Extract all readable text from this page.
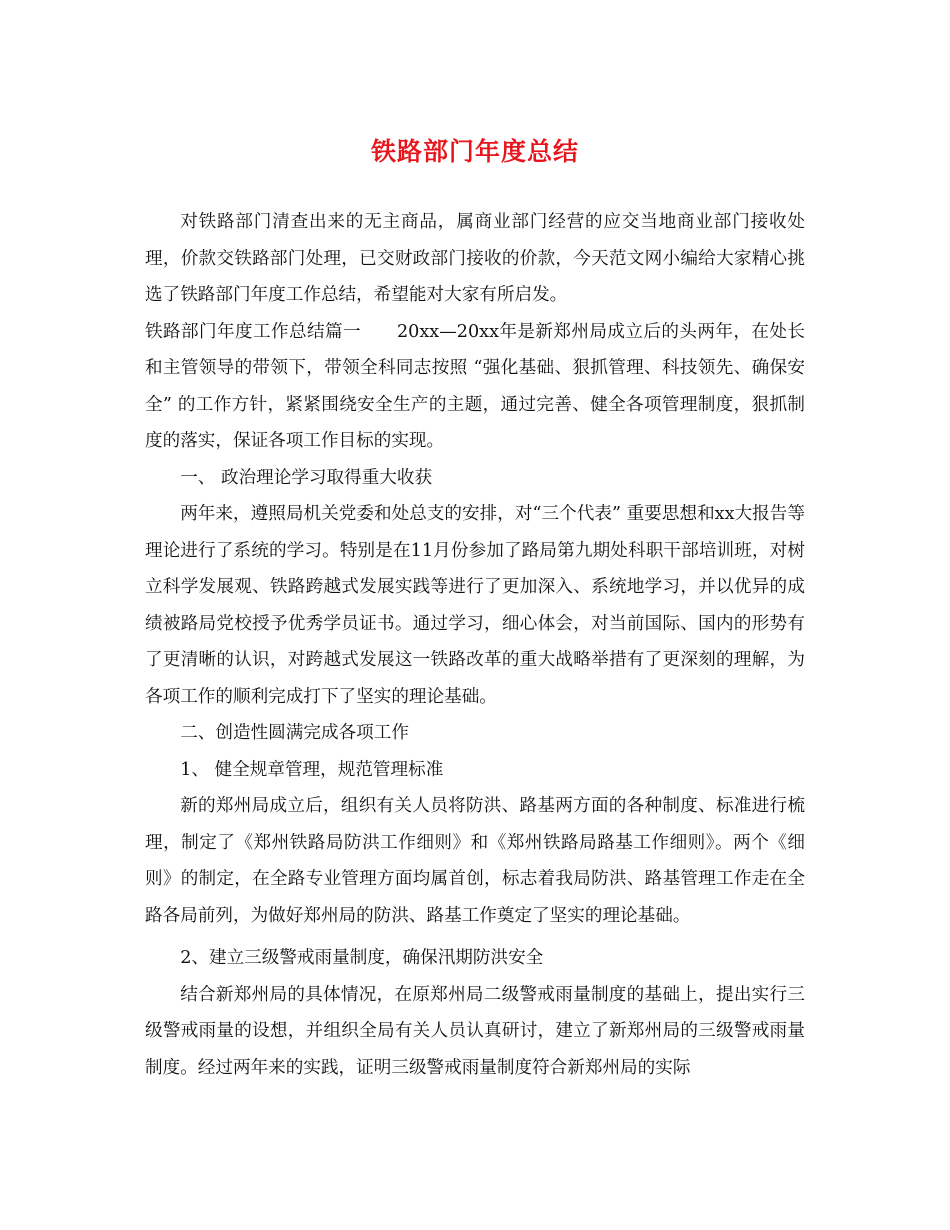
铁路部门年度总结

对铁路部门清查出来的无主商品，属商业部门经营的应交当地商业部门接收处理，价款交铁路部门处理，已交财政部门接收的价款，今天范文网小编给大家精心挑选了铁路部门年度工作总结，希望能对大家有所启发。

铁路部门年度工作总结篇一　　20xx—20xx年是新郑州局成立后的头两年，在处长和主管领导的带领下，带领全科同志按照 “强化基础、狠抓管理、科技领先、确保安全” 的工作方针，紧紧围绕安全生产的主题，通过完善、健全各项管理制度，狠抓制度的落实，保证各项工作目标的实现。

一、 政治理论学习取得重大收获

两年来，遵照局机关党委和处总支的安排，对“三个代表” 重要思想和xx大报告等理论进行了系统的学习。特别是在11月份参加了路局第九期处科职干部培训班，对树立科学发展观、铁路跨越式发展实践等进行了更加深入、系统地学习，并以优异的成绩被路局党校授予优秀学员证书。通过学习，细心体会，对当前国际、国内的形势有了更清晰的认识，对跨越式发展这一铁路改革的重大战略举措有了更深刻的理解，为各项工作的顺利完成打下了坚实的理论基础。

二、创造性圆满完成各项工作

1、 健全规章管理，规范管理标准

新的郑州局成立后，组织有关人员将防洪、路基两方面的各种制度、标准进行梳理，制定了《郑州铁路局防洪工作细则》和《郑州铁路局路基工作细则》。两个《细则》的制定，在全路专业管理方面均属首创，标志着我局防洪、路基管理工作走在全路各局前列，为做好郑州局的防洪、路基工作奠定了坚实的理论基础。

2、建立三级警戒雨量制度，确保汛期防洪安全

结合新郑州局的具体情况，在原郑州局二级警戒雨量制度的基础上，提出实行三级警戒雨量的设想，并组织全局有关人员认真研讨，建立了新郑州局的三级警戒雨量制度。经过两年来的实践，证明三级警戒雨量制度符合新郑州局的实际
